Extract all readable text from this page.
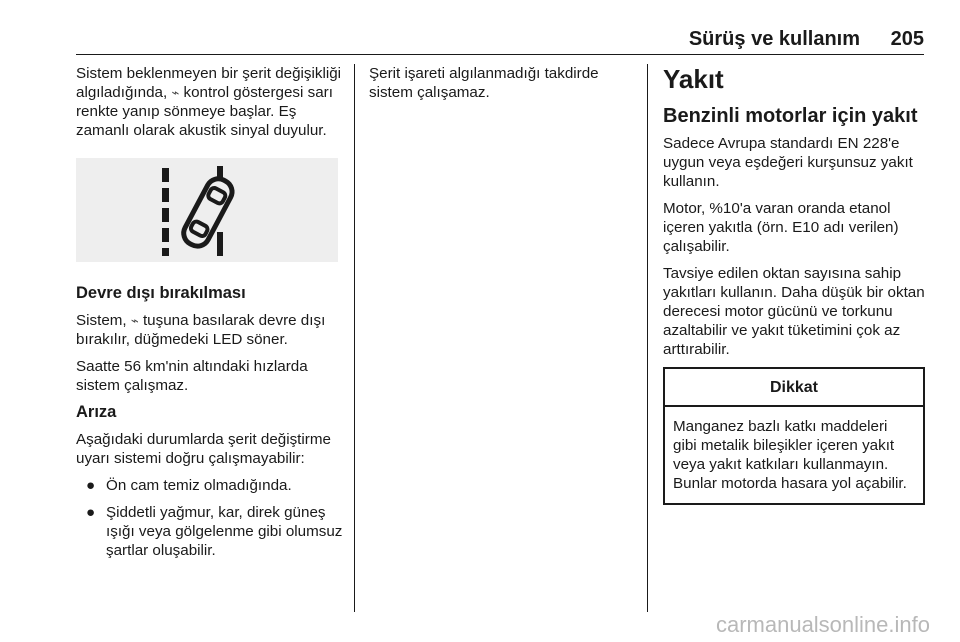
Sürüş ve kullanım 205

Sistem beklenmeyen bir şerit değişikliği algıladığında, ⌁ kontrol göstergesi sarı renkte yanıp sönmeye başlar. Eş zamanlı olarak akustik sinyal duyulur.

Devre dışı bırakılması

Sistem, ⌁ tuşuna basılarak devre dışı bırakılır, düğmedeki LED söner.

Saatte 56 km'nin altındaki hızlarda sistem çalışmaz.

Arıza

Aşağıdaki durumlarda şerit değiştirme uyarı sistemi doğru çalışmayabilir:

● Ön cam temiz olmadığında.
● Şiddetli yağmur, kar, direk güneş ışığı veya gölgelenme gibi olumsuz şartlar oluşabilir.

Şerit işareti algılanmadığı takdirde sistem çalışamaz.	Yakıt
Benzinli motorlar için yakıt

Sadece Avrupa standardı EN 228'e uygun veya eşdeğeri kurşunsuz yakıt kullanın.

Motor, %10'a varan oranda etanol içeren yakıtla (örn. E10 adı verilen) çalışabilir.

Tavsiye edilen oktan sayısına sahip yakıtları kullanın. Daha düşük bir oktan derecesi motor gücünü ve torkunu azaltabilir ve yakıt tüketimini çok az arttırabilir.

Dikkat
Manganez bazlı katkı maddeleri gibi metalik bileşikler içeren yakıt veya yakıt katkıları kullanmayın. Bunlar motorda hasara yol açabilir.
carmanualsonline.info
